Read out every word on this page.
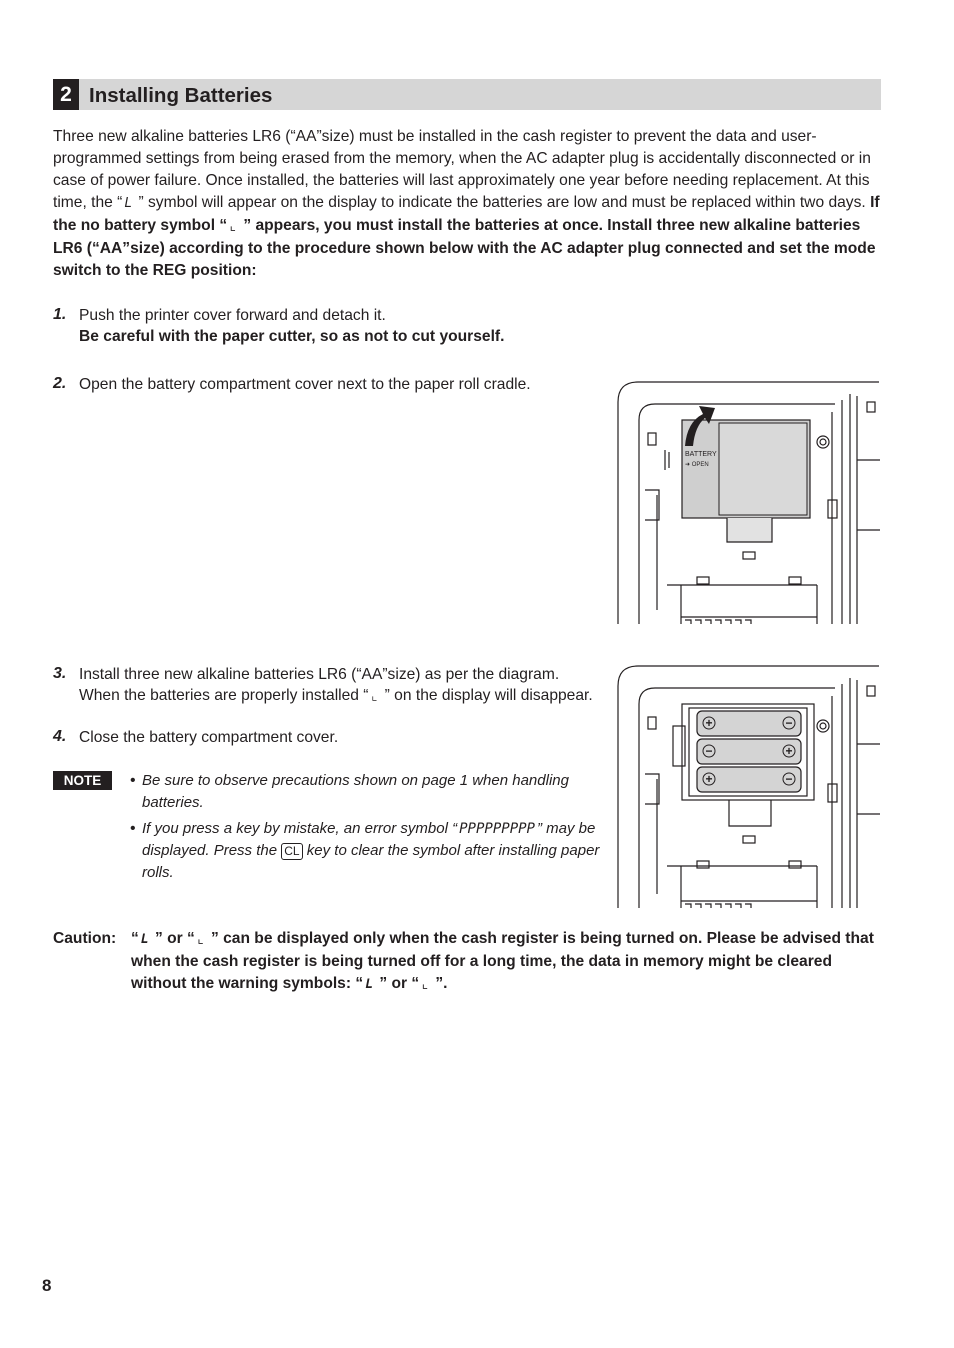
2 Installing Batteries
Three new alkaline batteries LR6 (“AA”size) must be installed in the cash register to prevent the data and user-programmed settings from being erased from the memory, when the AC adapter plug is accidentally disconnected or in case of power failure. Once installed, the batteries will last approximately one year before needing replacement. At this time, the “ L ” symbol will appear on the display to indicate the batteries are low and must be replaced within two days. If the no battery symbol “ ⌞ ” appears, you must install the batteries at once. Install three new alkaline batteries LR6 (“AA”size) according to the procedure shown below with the AC adapter plug connected and set the mode switch to the REG position:
1. Push the printer cover forward and detach it.
Be careful with the paper cutter, so as not to cut yourself.
2. Open the battery compartment cover next to the paper roll cradle.
BATTERY
➜ OPEN
3. Install three new alkaline batteries LR6 (“AA”size) as per the diagram.
When the batteries are properly installed “ ⌞ ” on the display will disappear.
4. Close the battery compartment cover.
NOTE	• Be sure to observe precautions shown on page 1 when handling batteries.
• If you press a key by mistake, an error symbol “ PPPPPPPPP ” may be displayed. Press the CL key to clear the symbol after installing paper rolls.
+	−
−	+
+	−
Caution: “ L ” or “ ⌞ ” can be displayed only when the cash register is being turned on. Please be advised that when the cash register is being turned off for a long time, the data in memory might be cleared without the warning symbols: “ L ” or “ ⌞ ”.
8
